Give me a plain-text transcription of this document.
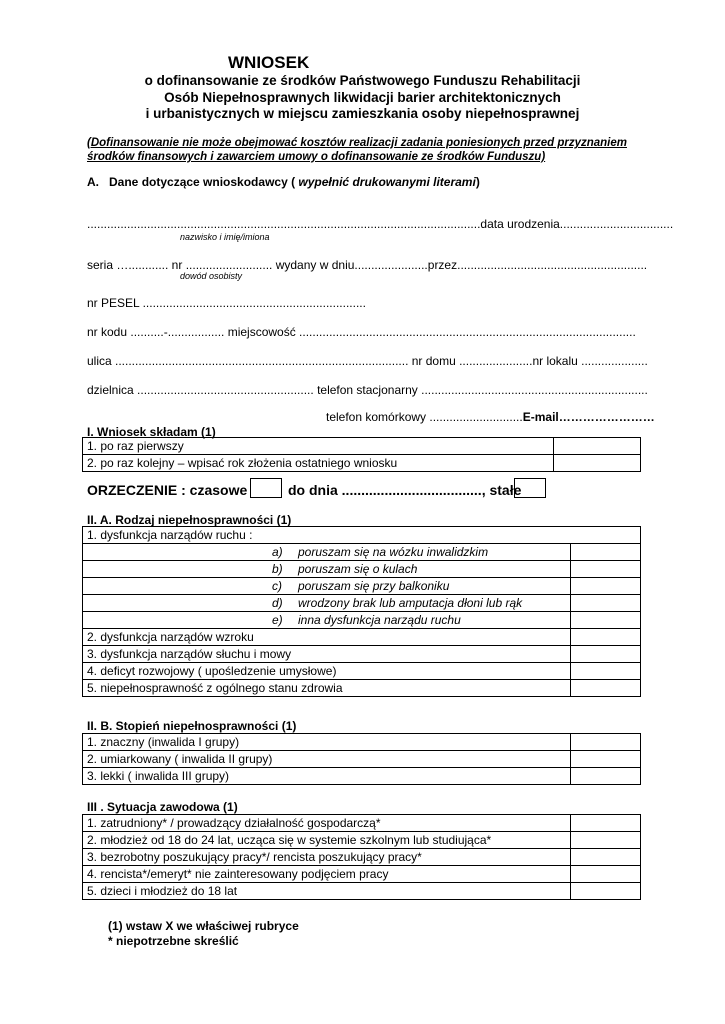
WNIOSEK
o dofinansowanie ze środków Państwowego Funduszu Rehabilitacji
Osób Niepełnosprawnych likwidacji barier architektonicznych
i urbanistycznych w miejscu zamieszkania osoby niepełnosprawnej
(Dofinansowanie nie może obejmować kosztów realizacji zadania poniesionych przed przyznaniem środków finansowych i zawarciem umowy o dofinansowanie ze środków Funduszu)
A. Dane dotyczące wnioskodawcy ( wypełnić drukowanymi literami)
......................................................................................................................data urodzenia..................................
nazwisko i imię/imiona
seria …............ nr .......................... wydany w dniu......................przez.........................................................
dowód osobisty
nr PESEL ...................................................................
nr kodu ..........-................. miejscowość .....................................................................................................
ulica ........................................................................................ nr domu ......................nr lokalu ....................
dzielnica ..................................................... telefon stacjonarny ....................................................................
telefon komórkowy ............................E-mail……………………
I. Wniosek składam (1)
1. po raz pierwszy	
2. po raz kolejny – wpisać rok złożenia ostatniego wniosku	
ORZECZENIE : czasowe	do dnia ...................................., stałe
II. A. Rodzaj niepełnosprawności (1)
1. dysfunkcja narządów ruchu :	
a) poruszam się na wózku inwalidzkim	
b) poruszam się o kulach	
c) poruszam się przy balkoniku	
d) wrodzony brak lub amputacja dłoni lub rąk	
e) inna dysfunkcja narządu ruchu	
2. dysfunkcja narządów wzroku	
3. dysfunkcja narządów słuchu i mowy	
4. deficyt rozwojowy ( upośledzenie umysłowe)	
5. niepełnosprawność z ogólnego stanu zdrowia	
II. B. Stopień niepełnosprawności (1)
1. znaczny (inwalida I grupy)	
2. umiarkowany ( inwalida II grupy)	
3. lekki ( inwalida III grupy)	
III . Sytuacja zawodowa (1)
1. zatrudniony* / prowadzący działalność gospodarczą*	
2. młodzież od 18 do 24 lat, ucząca się w systemie szkolnym lub studiująca*	
3. bezrobotny poszukujący pracy*/ rencista poszukujący pracy*	
4. rencista*/emeryt* nie zainteresowany podjęciem pracy	
5. dzieci i młodzież do 18 lat	
(1) wstaw X we właściwej rubryce
* niepotrzebne skreślić
